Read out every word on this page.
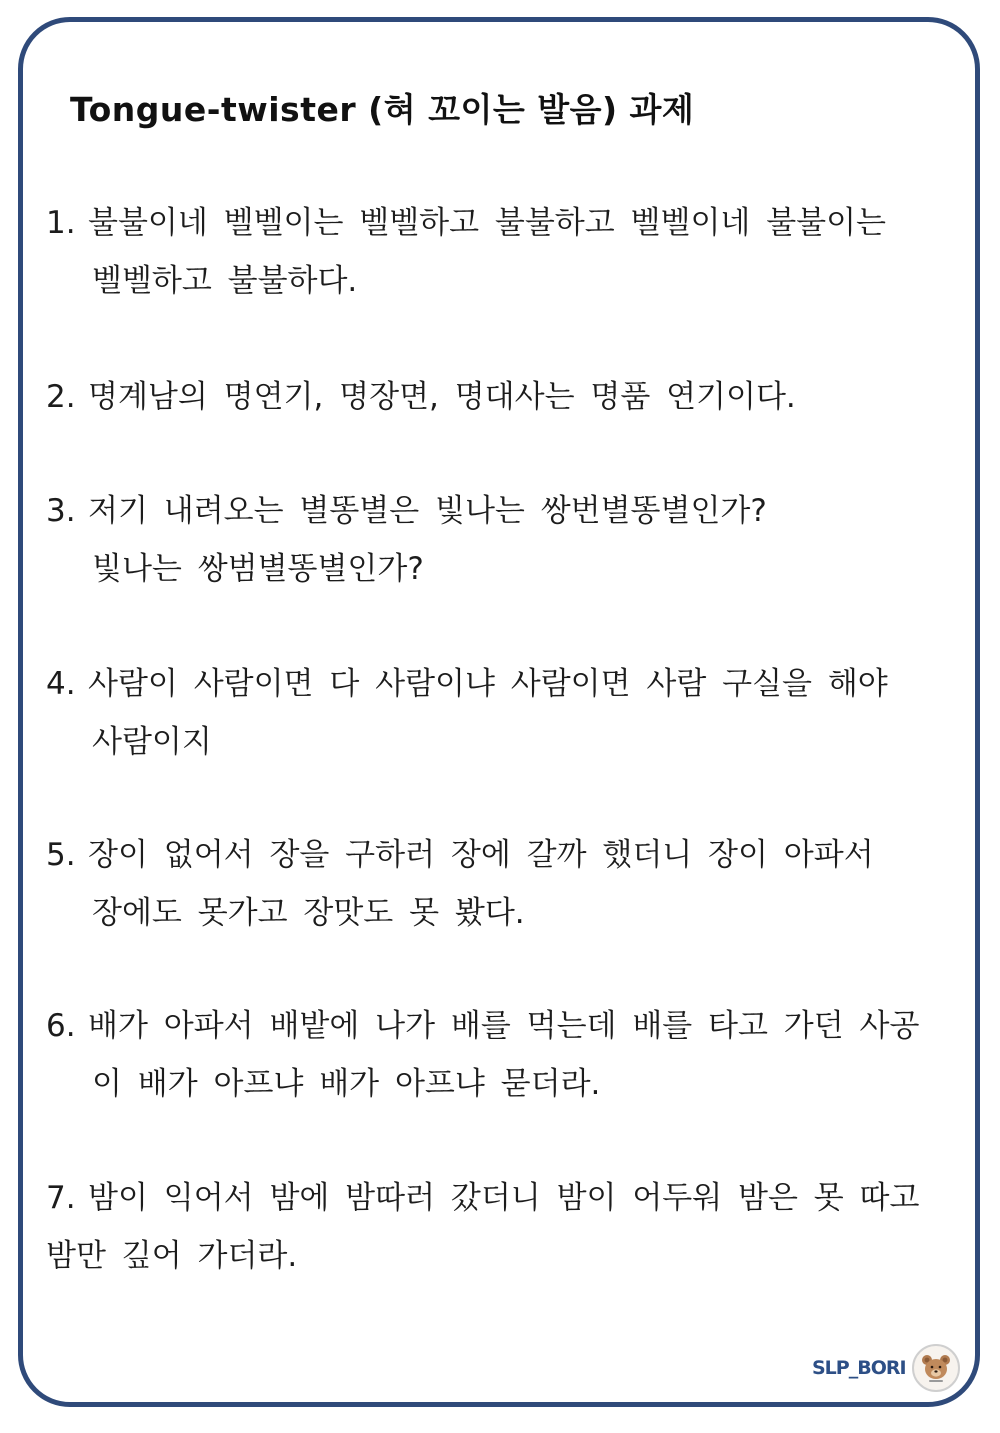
Tongue-twister (혀 꼬이는 발음) 과제
1. 불불이네 벨벨이는 벨벨하고 불불하고 벨벨이네 불불이는
벨벨하고 불불하다.
2. 명계남의 명연기, 명장면, 명대사는 명품 연기이다.
3. 저기 내려오는 별똥별은 빛나는 쌍번별똥별인가?
빛나는 쌍범별똥별인가?
4. 사람이 사람이면 다 사람이냐 사람이면 사람 구실을 해야
사람이지
5. 장이 없어서 장을 구하러 장에 갈까 했더니 장이 아파서
장에도 못가고 장맛도 못 봤다.
6. 배가 아파서 배밭에 나가 배를 먹는데 배를 타고 가던 사공
이 배가 아프냐 배가 아프냐 묻더라.
7. 밤이 익어서 밤에 밤따러 갔더니 밤이 어두워 밤은 못 따고
밤만 깊어 가더라.
SLP_BORI
